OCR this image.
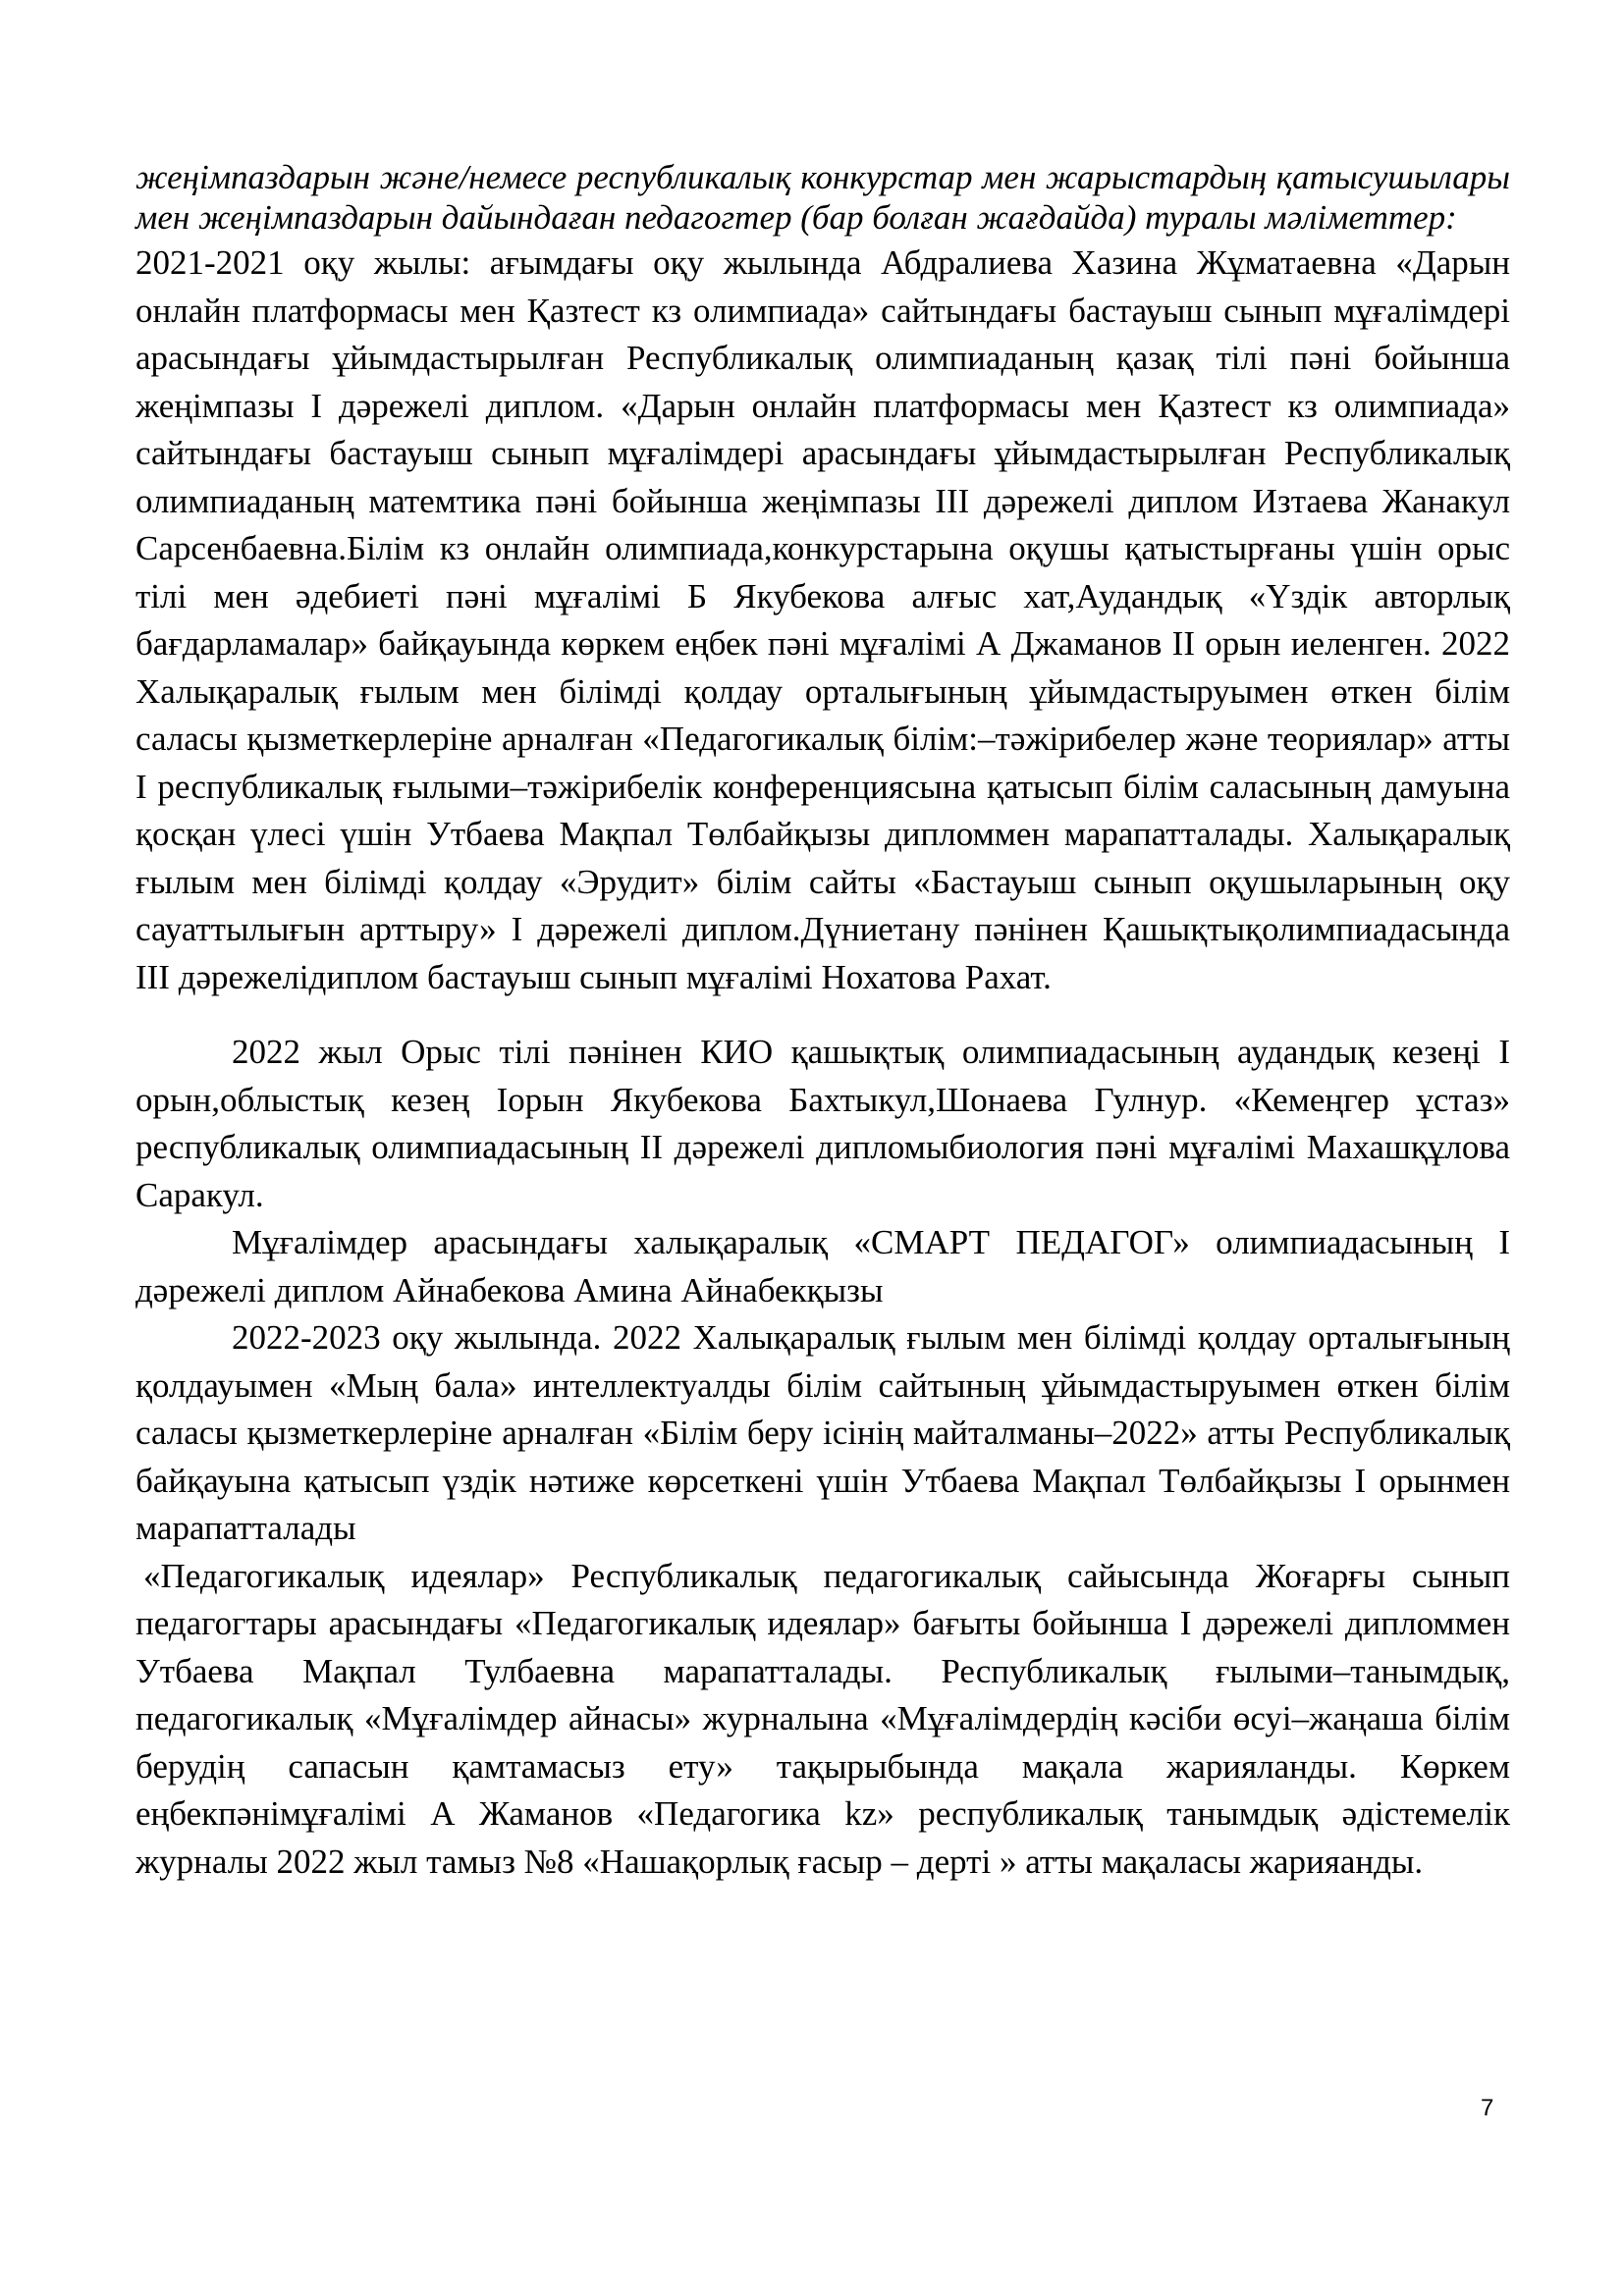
жеңімпаздарын және/немесе республикалық конкурстар мен жарыстардың қатысушылары мен жеңімпаздарын дайындаған педагогтер (бар болған жағдайда) туралы мәліметтер:

2021-2021 оқу жылы: ағымдағы оқу жылында Абдралиева Хазина Жұматаевна «Дарын онлайн платформасы мен Қазтест кз олимпиада» сайтындағы бастауыш сынып мұғалімдері арасындағы ұйымдастырылған Республикалық олимпиаданың қазақ тілі пәні бойынша жеңімпазы І дәрежелі диплом. «Дарын онлайн платформасы мен Қазтест кз олимпиада» сайтындағы бастауыш сынып мұғалімдері арасындағы ұйымдастырылған Республикалық олимпиаданың матемтика пәні бойынша жеңімпазы ІІІ дәрежелі диплом Изтаева Жанакул Сарсенбаевна.Білім кз онлайн олимпиада,конкурстарына оқушы қатыстырғаны үшін орыс тілі мен әдебиеті пәні мұғалімі Б Якубекова алғыс хат,Аудандық «Үздік авторлық бағдарламалар» байқауында көркем еңбек пәні мұғалімі А Джаманов ІІ орын иеленген. 2022 Халықаралық ғылым мен білімді қолдау орталығының ұйымдастыруымен өткен білім саласы қызметкерлеріне арналған «Педагогикалық білім:–тәжірибелер және теориялар» атты І республикалық ғылыми–тәжірибелік конференциясына қатысып білім саласының дамуына қосқан үлесі үшін Утбаева Мақпал Төлбайқызы дипломмен марапатталады. Халықаралық ғылым мен білімді қолдау «Эрудит» білім сайты «Бастауыш сынып оқушыларының оқу сауаттылығын арттыру» І дәрежелі диплом.Дүниетану пәнінен Қашықтықолимпиадасында ІІІ дәрежелідиплом бастауыш сынып мұғалімі Нохатова Рахат.

2022 жыл Орыс тілі пәнінен КИО қашықтық олимпиадасының аудандық кезеңі І орын,облыстық кезең Іорын Якубекова Бахтыкул,Шонаева Гулнур. «Кемеңгер ұстаз» республикалық олимпиадасының ІІ дәрежелі дипломыбиология пәні мұғалімі Махашқұлова Саракул.

Мұғалімдер арасындағы халықаралық «СМАРТ ПЕДАГОГ» олимпиадасының І дәрежелі диплом Айнабекова Амина Айнабекқызы

2022-2023 оқу жылында. 2022 Халықаралық ғылым мен білімді қолдау орталығының қолдауымен «Мың бала» интеллектуалды білім сайтының ұйымдастыруымен өткен білім саласы қызметкерлеріне арналған «Білім беру ісінің майталманы–2022» атты Республикалық байқауына қатысып үздік нәтиже көрсеткені үшін Утбаева Мақпал Төлбайқызы І орынмен марапатталады

«Педагогикалық идеялар» Республикалық педагогикалық сайысында Жоғарғы сынып педагогтары арасындағы «Педагогикалық идеялар» бағыты бойынша І дәрежелі дипломмен Утбаева Мақпал Тулбаевна марапатталады. Республикалық ғылыми–танымдық, педагогикалық «Мұғалімдер айнасы» журналына «Мұғалімдердің кәсіби өсуі–жаңаша білім берудің сапасын қамтамасыз ету» тақырыбында мақала жарияланды. Көркем еңбекпәнімұғалімі А Жаманов «Педагогика kz» республикалық танымдық әдістемелік журналы 2022 жыл тамыз №8 «Нашақорлық ғасыр – дерті » атты мақаласы жарияанды.

7
